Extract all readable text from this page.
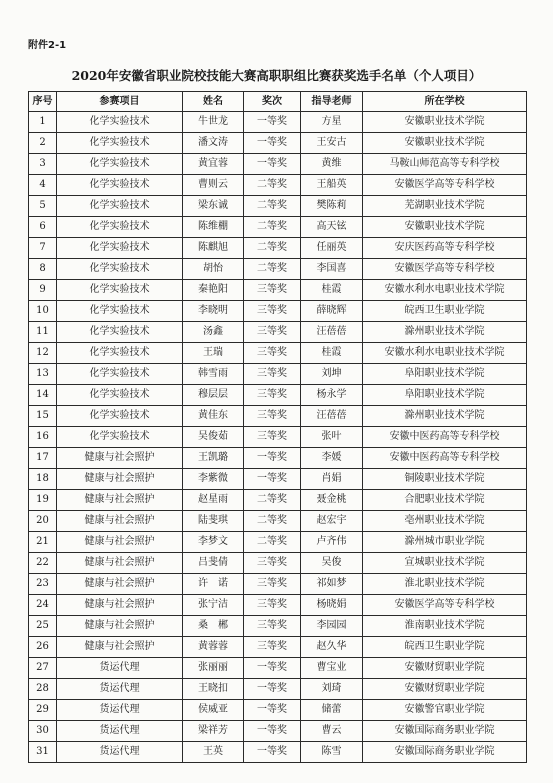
附件2-1
2020年安徽省职业院校技能大赛高职职组比赛获奖选手名单（个人项目）
序号	参赛项目	姓名	奖次	指导老师	所在学校
1	化学实验技术	牛世龙	一等奖	方星	安徽职业技术学院
2	化学实验技术	潘文涛	一等奖	王安古	安徽职业技术学院
3	化学实验技术	黄宜蓉	一等奖	黄维	马鞍山师范高等专科学校
4	化学实验技术	曹则云	二等奖	王船英	安徽医学高等专科学校
5	化学实验技术	梁东诚	二等奖	樊陈莉	芜湖职业技术学院
6	化学实验技术	陈维棚	二等奖	高天铉	安徽职业技术学院
7	化学实验技术	陈麒旭	二等奖	任丽英	安庆医药高等专科学校
8	化学实验技术	胡怡	二等奖	李国喜	安徽医学高等专科学校
9	化学实验技术	秦艳阳	三等奖	桂霞	安徽水利水电职业技术学院
10	化学实验技术	李晓明	三等奖	薛晓辉	皖西卫生职业学院
11	化学实验技术	汤鑫	三等奖	汪蓓蓓	滁州职业技术学院
12	化学实验技术	王瑞	三等奖	桂霞	安徽水利水电职业技术学院
13	化学实验技术	韩雪雨	三等奖	刘坤	阜阳职业技术学院
14	化学实验技术	穆层层	三等奖	杨永学	阜阳职业技术学院
15	化学实验技术	黄佳东	三等奖	汪蓓蓓	滁州职业技术学院
16	化学实验技术	吴俊茹	三等奖	张叶	安徽中医药高等专科学校
17	健康与社会照护	王凯璐	一等奖	李媛	安徽中医药高等专科学校
18	健康与社会照护	李紫微	一等奖	肖娟	铜陵职业技术学院
19	健康与社会照护	赵星雨	二等奖	聂金桃	合肥职业技术学院
20	健康与社会照护	陆斐琪	二等奖	赵宏宇	亳州职业技术学院
21	健康与社会照护	李梦文	二等奖	卢齐伟	滁州城市职业学院
22	健康与社会照护	吕斐倩	三等奖	吴俊	宣城职业技术学院
23	健康与社会照护	许　诺	三等奖	祁如梦	淮北职业技术学院
24	健康与社会照护	张宁洁	三等奖	杨晓娟	安徽医学高等专科学校
25	健康与社会照护	桑　郴	三等奖	李园园	淮南职业技术学院
26	健康与社会照护	黄蓉蓉	三等奖	赵久华	皖西卫生职业学院
27	货运代理	张丽丽	一等奖	曹宝业	安徽财贸职业学院
28	货运代理	王晓扣	一等奖	刘琦	安徽财贸职业学院
29	货运代理	侯威亚	一等奖	储蕾	安徽警官职业学院
30	货运代理	梁祥芳	一等奖	曹云	安徽国际商务职业学院
31	货运代理	王英	一等奖	陈雪	安徽国际商务职业学院
